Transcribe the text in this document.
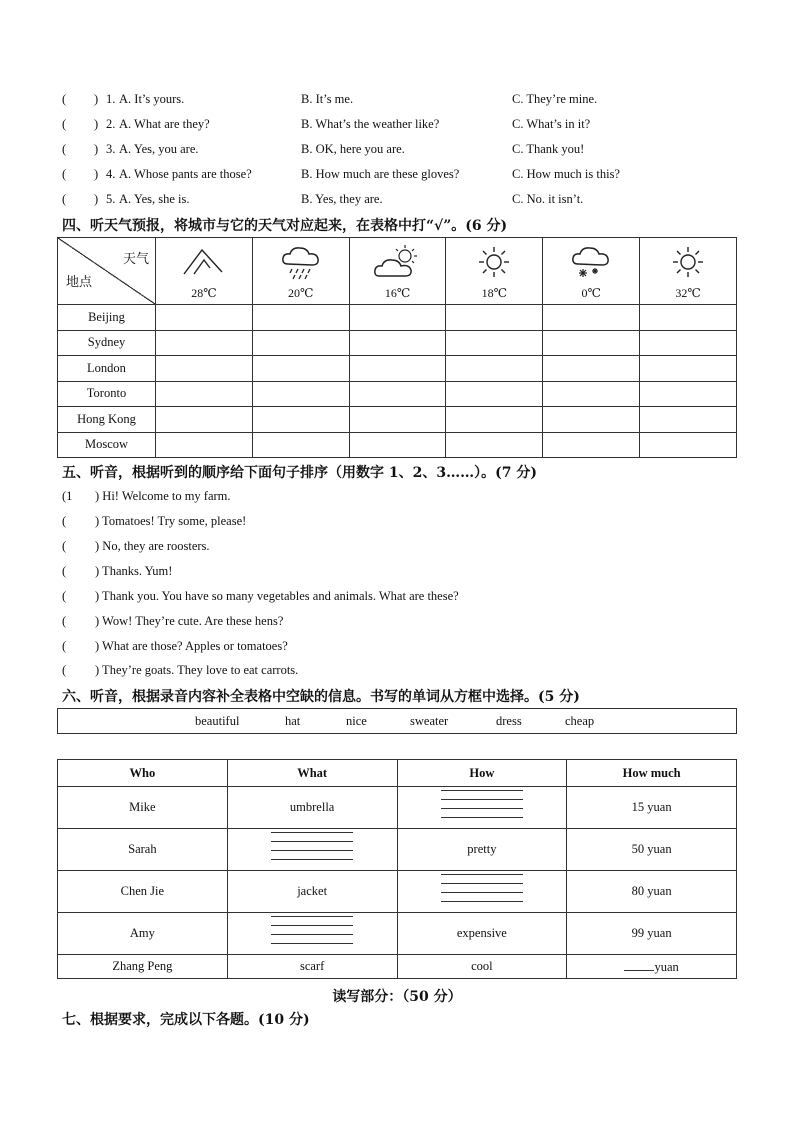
( ) 1. A. It’s yours.	B. It’s me.	C. They’re mine.
( ) 2. A. What are they?	B. What’s the weather like?	C. What’s in it?
( ) 3. A. Yes, you are.	B. OK, here you are.	C. Thank you!
( ) 4. A. Whose pants are those?	B. How much are these gloves?	C. How much is this?
( ) 5. A. Yes, she is.	B. Yes, they are.	C. No. it isn’t.
四、听天气预报，将城市与它的天气对应起来，在表格中打“√”。(6 分)
天气
地点	28℃	20℃	16℃	18℃	0℃	32℃

Beijing						
Sydney						
London						
Toronto						
Hong Kong						
Moscow						
五、听音，根据听到的顺序给下面句子排序（用数字 1、2、3……）。(7 分)
(1 ) Hi! Welcome to my farm.
( ) Tomatoes! Try some, please!
( ) No, they are roosters.
( ) Thanks. Yum!
( ) Thank you. You have so many vegetables and animals. What are these?
( ) Wow! They’re cute. Are these hens?
( ) What are those? Apples or tomatoes?
( ) They’re goats. They love to eat carrots.
六、听音，根据录音内容补全表格中空缺的信息。书写的单词从方框中选择。(5 分)
beautiful	hat	nice	sweater	dress	cheap
Who	What	How	How much
Mike	umbrella		15 yuan
Sarah		pretty	50 yuan
Chen Jie	jacket		80 yuan
Amy		expensive	99 yuan
Zhang Peng	scarf	cool	yuan
读写部分：（50 分）
七、根据要求，完成以下各题。(10 分)
